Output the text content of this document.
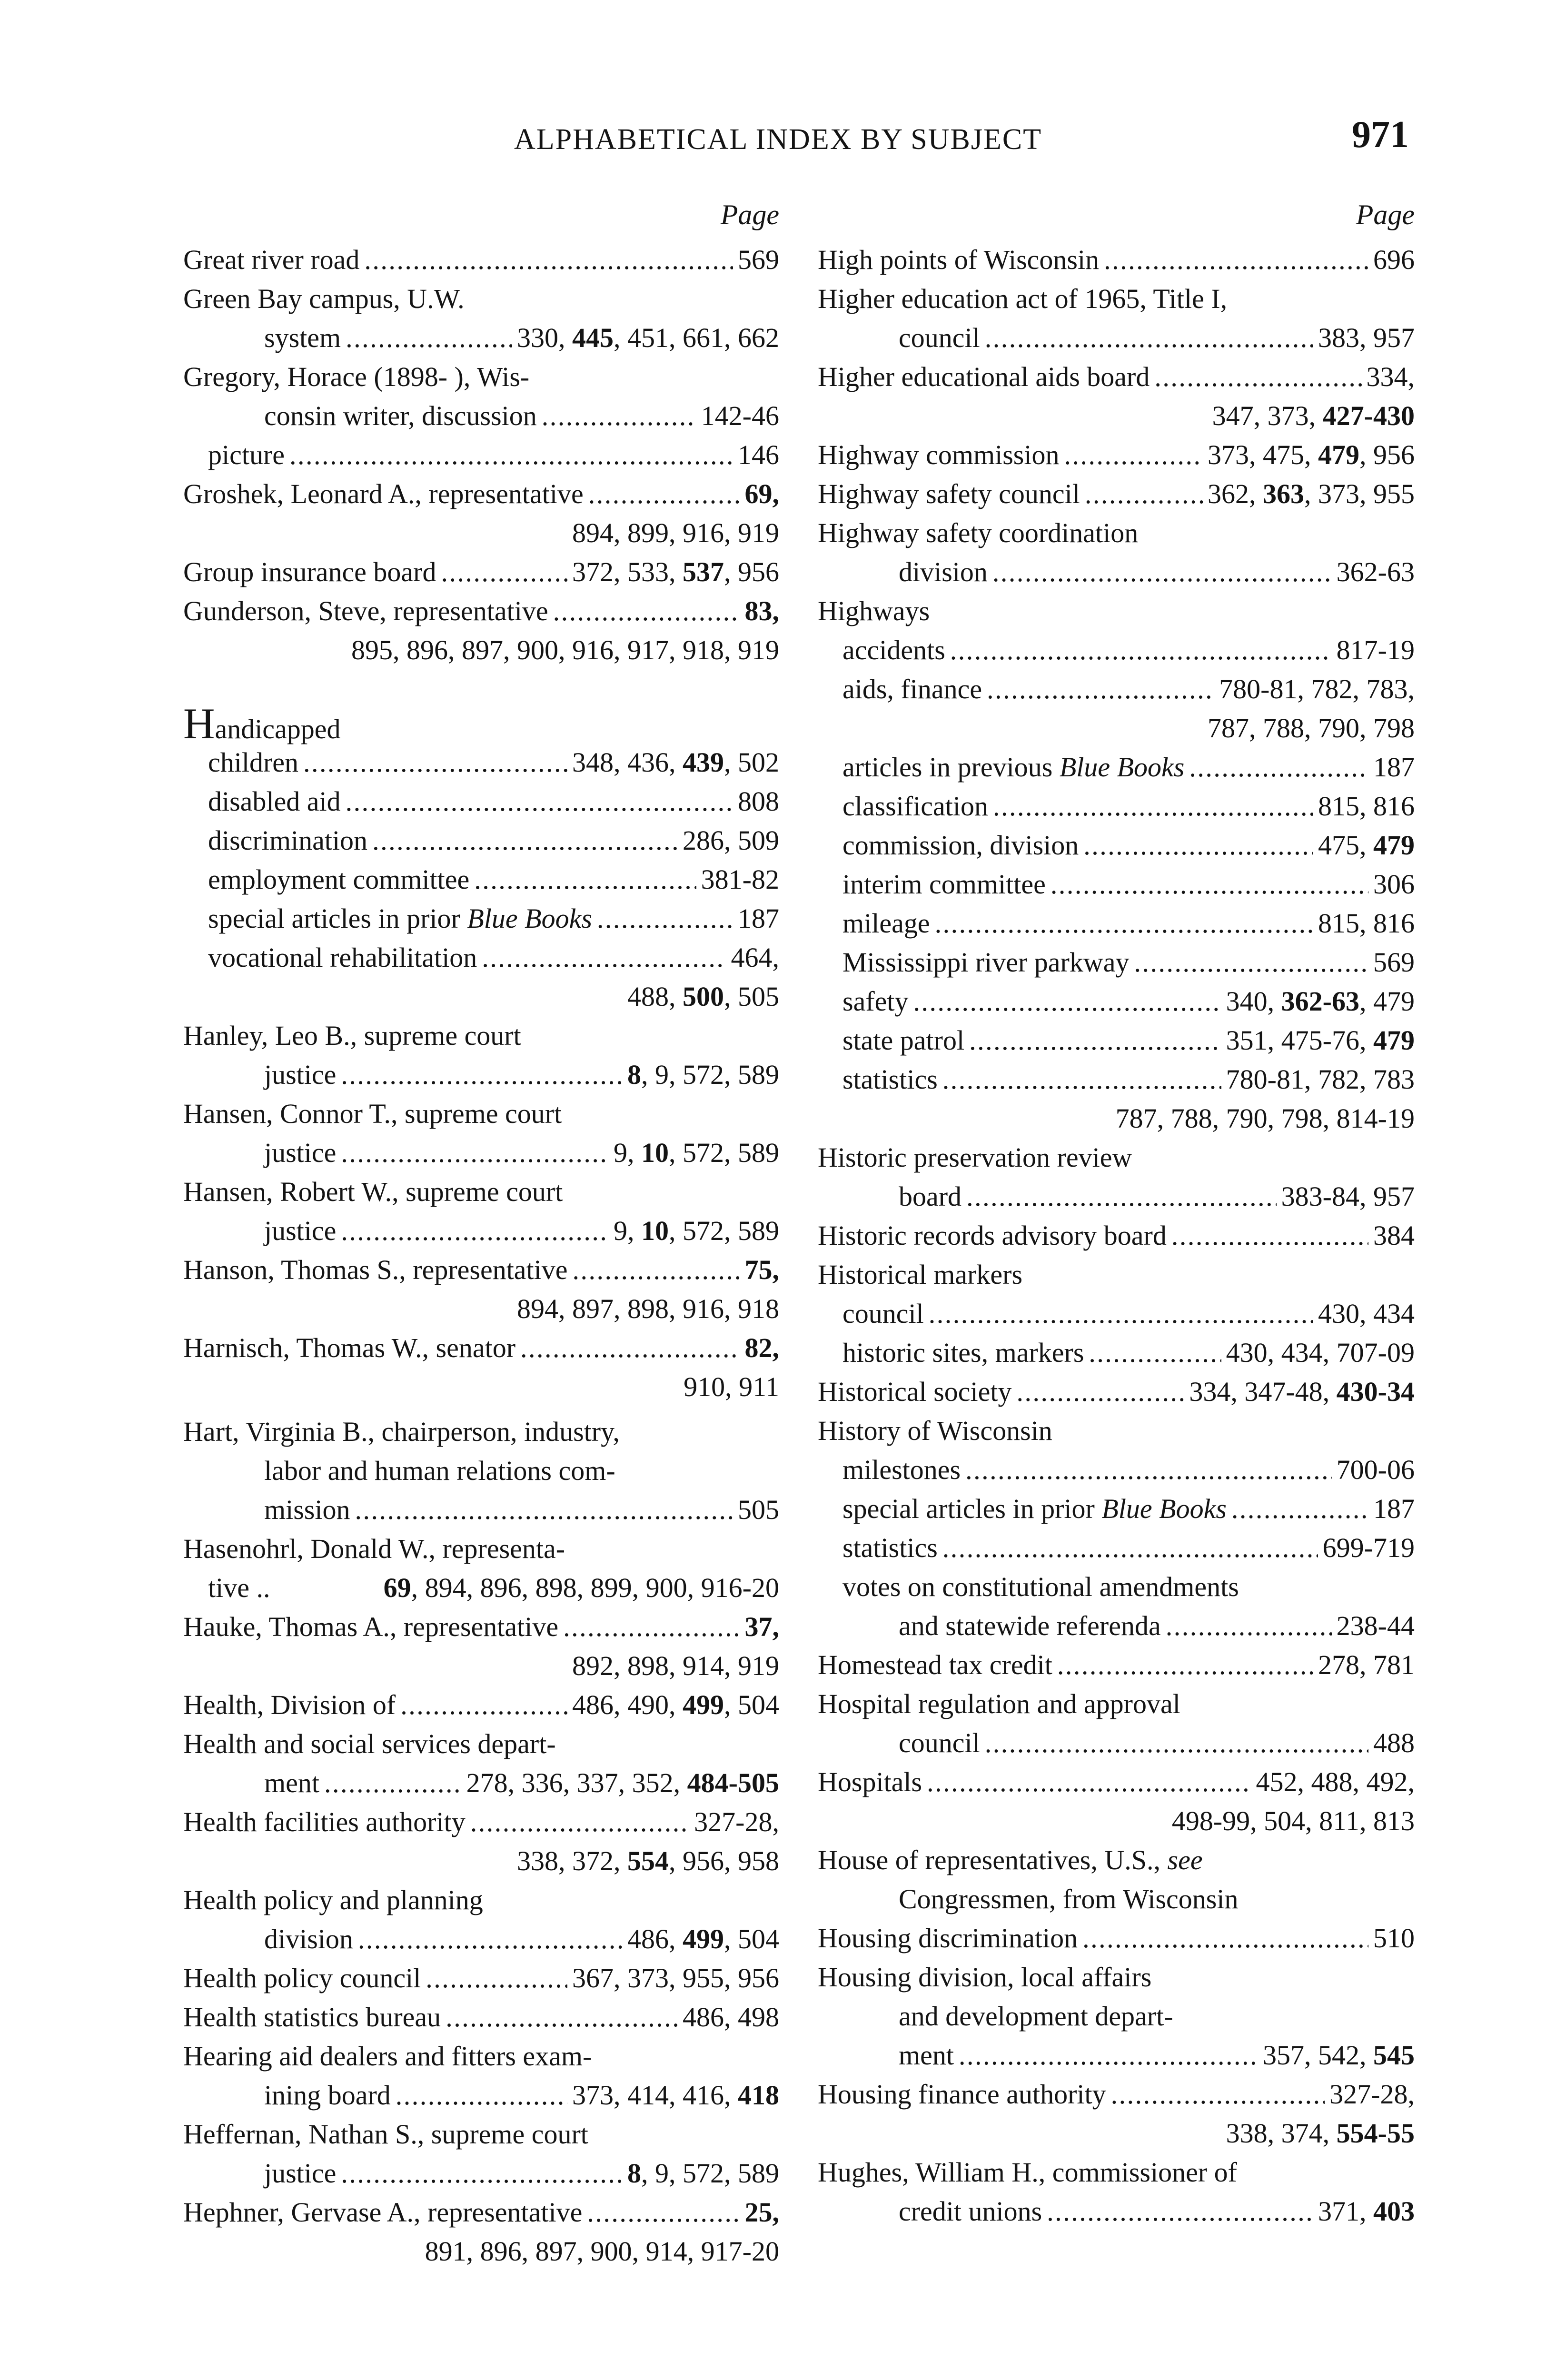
ALPHABETICAL INDEX BY SUBJECT	971
Page
Great river road . . .	569
Green Bay campus, U.W.
system . . .	330, 445, 451, 661, 662
Gregory, Horace (1898- ), Wis-
consin writer, discussion . . .	142-46
picture . . .	146
Groshek, Leonard A., representative . . .	69,
894, 899, 916, 919
Group insurance board . . .	372, 533, 537, 956
Gunderson, Steve, representative . . .	83,
895, 896, 897, 900, 916, 917, 918, 919
Handicapped
children . . .	348, 436, 439, 502
disabled aid . . .	808
discrimination . . .	286, 509
employment committee . . .	381-82
special articles in prior Blue Books . . .	187
vocational rehabilitation . . .	464,
488, 500, 505
Hanley, Leo B., supreme court
justice . . .	8, 9, 572, 589
Hansen, Connor T., supreme court
justice . . .	9, 10, 572, 589
Hansen, Robert W., supreme court
justice . . .	9, 10, 572, 589
Hanson, Thomas S., representative . . .	75,
894, 897, 898, 916, 918
Harnisch, Thomas W., senator . . .	82,
910, 911
Hart, Virginia B., chairperson, industry,
labor and human relations com-
mission . . .	505
Hasenohrl, Donald W., representa-
tive ..	69, 894, 896, 898, 899, 900, 916-20
Hauke, Thomas A., representative . . .	37,
892, 898, 914, 919
Health, Division of . . .	486, 490, 499, 504
Health and social services depart-
ment . . .	278, 336, 337, 352, 484-505
Health facilities authority . . .	327-28,
338, 372, 554, 956, 958
Health policy and planning
division . . .	486, 499, 504
Health policy council . . .	367, 373, 955, 956
Health statistics bureau . . .	486, 498
Hearing aid dealers and fitters exam-
ining board . . .	373, 414, 416, 418
Heffernan, Nathan S., supreme court
justice . . .	8, 9, 572, 589
Hephner, Gervase A., representative . . .	25,
891, 896, 897, 900, 914, 917-20
Page
High points of Wisconsin . . .	696
Higher education act of 1965, Title I,
council . . .	383, 957
Higher educational aids board . . .	334,
347, 373, 427-430
Highway commission . . .	373, 475, 479, 956
Highway safety council . . .	362, 363, 373, 955
Highway safety coordination
division . . .	362-63
Highways
accidents . . .	817-19
aids, finance . . .	780-81, 782, 783,
787, 788, 790, 798
articles in previous Blue Books . . .	187
classification . . .	815, 816
commission, division . . .	475, 479
interim committee . . .	306
mileage . . .	815, 816
Mississippi river parkway . . .	569
safety . . .	340, 362-63, 479
state patrol . . .	351, 475-76, 479
statistics . . .	780-81, 782, 783
787, 788, 790, 798, 814-19
Historic preservation review
board . . .	383-84, 957
Historic records advisory board . . .	384
Historical markers
council . . .	430, 434
historic sites, markers . . .	430, 434, 707-09
Historical society . . .	334, 347-48, 430-34
History of Wisconsin
milestones . . .	700-06
special articles in prior Blue Books . . .	187
statistics . . .	699-719
votes on constitutional amendments
and statewide referenda . . .	238-44
Homestead tax credit . . .	278, 781
Hospital regulation and approval
council . . .	488
Hospitals . . .	452, 488, 492,
498-99, 504, 811, 813
House of representatives, U.S., see
Congressmen, from Wisconsin
Housing discrimination . . .	510
Housing division, local affairs
and development depart-
ment . . .	357, 542, 545
Housing finance authority . . .	327-28,
338, 374, 554-55
Hughes, William H., commissioner of
credit unions . . .	371, 403
